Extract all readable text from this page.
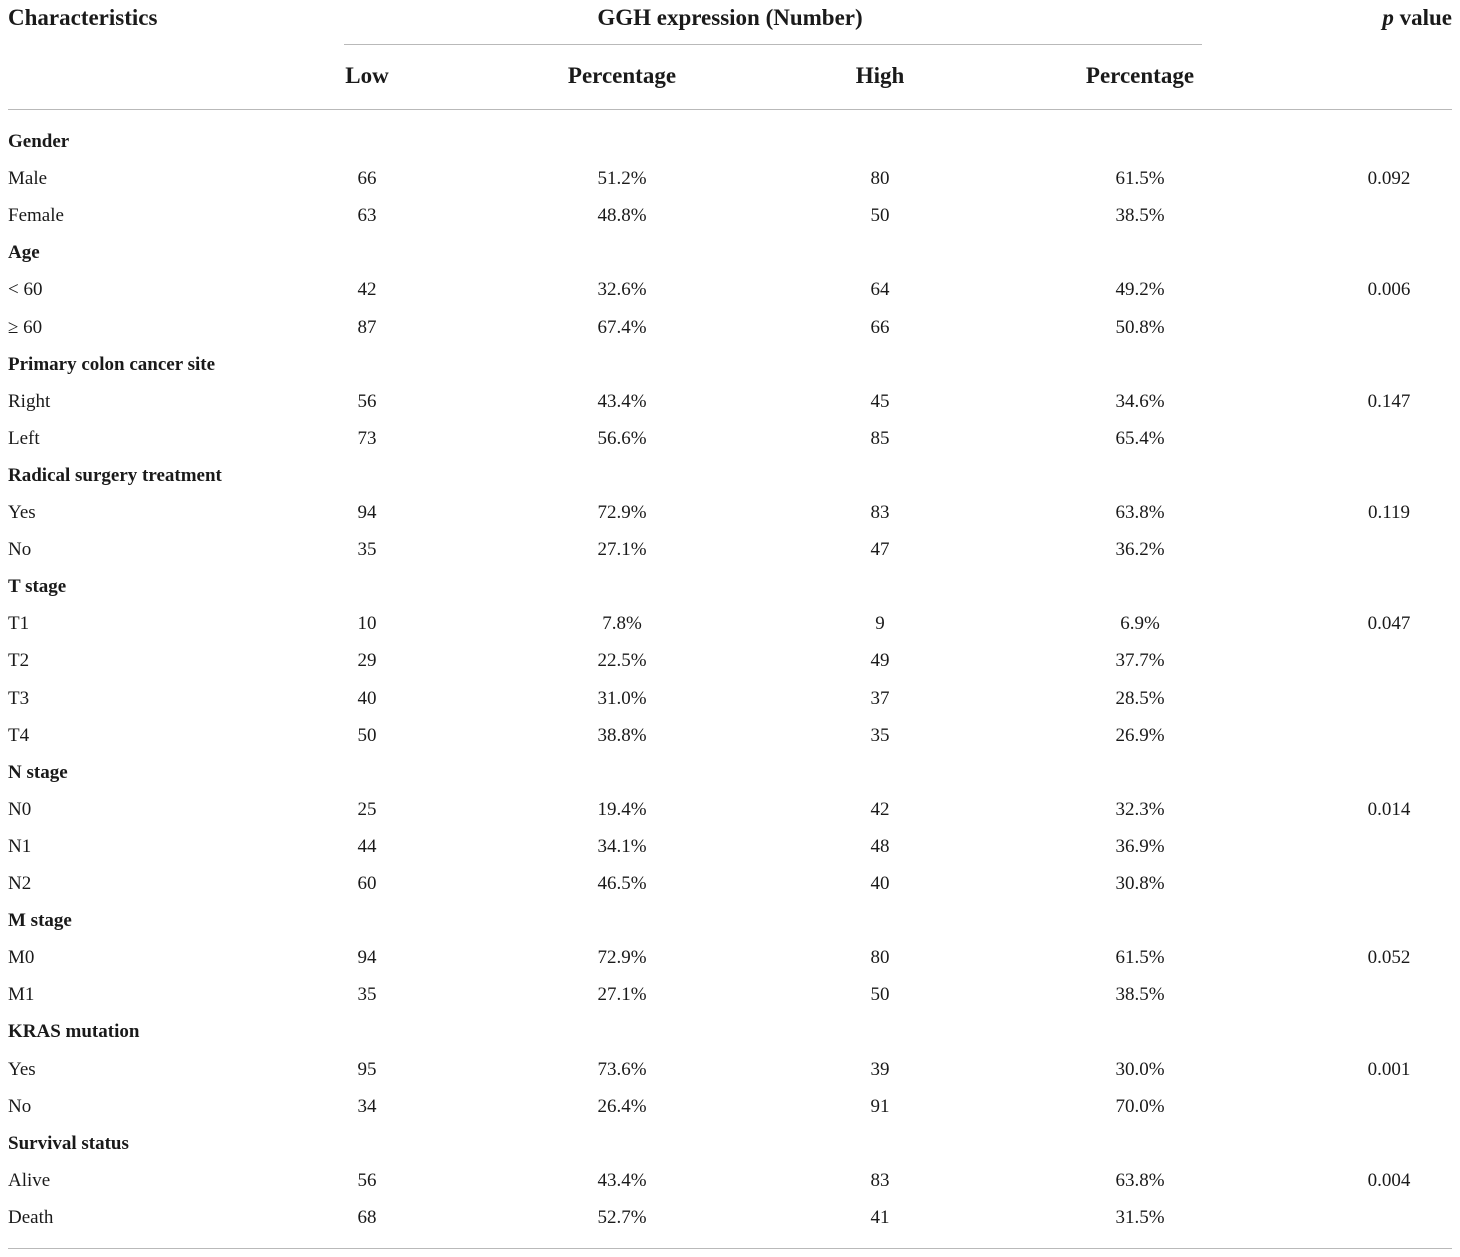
Characteristics	GGH expression (Number)	p value
Low	Percentage	High	Percentage
Gender
Male	66	51.2%	80	61.5%	0.092
Female	63	48.8%	50	38.5%
Age
< 60	42	32.6%	64	49.2%	0.006
≥ 60	87	67.4%	66	50.8%
Primary colon cancer site
Right	56	43.4%	45	34.6%	0.147
Left	73	56.6%	85	65.4%
Radical surgery treatment
Yes	94	72.9%	83	63.8%	0.119
No	35	27.1%	47	36.2%
T stage
T1	10	7.8%	9	6.9%	0.047
T2	29	22.5%	49	37.7%
T3	40	31.0%	37	28.5%
T4	50	38.8%	35	26.9%
N stage
N0	25	19.4%	42	32.3%	0.014
N1	44	34.1%	48	36.9%
N2	60	46.5%	40	30.8%
M stage
M0	94	72.9%	80	61.5%	0.052
M1	35	27.1%	50	38.5%
KRAS mutation
Yes	95	73.6%	39	30.0%	0.001
No	34	26.4%	91	70.0%
Survival status
Alive	56	43.4%	83	63.8%	0.004
Death	68	52.7%	41	31.5%
